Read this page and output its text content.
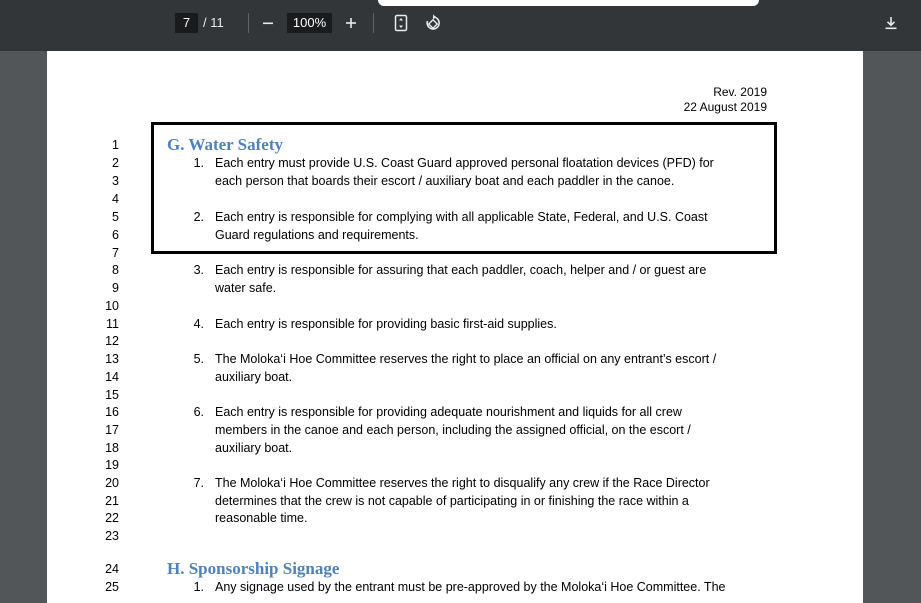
7 / 11	100%
Rev. 2019
22 August 2019
1
2
3
4
5
6
7
8
9
10
11
12
13
14
15
16
17
18
19
20
21
22
23
24
25
G. Water Safety
1. Each entry must provide U.S. Coast Guard approved personal floatation devices (PFD) for
each person that boards their escort / auxiliary boat and each paddler in the canoe.
2. Each entry is responsible for complying with all applicable State, Federal, and U.S. Coast
Guard regulations and requirements.
3. Each entry is responsible for assuring that each paddler, coach, helper and / or guest are
water safe.
4. Each entry is responsible for providing basic first-aid supplies.
5. The Moloka‘i Hoe Committee reserves the right to place an official on any entrant’s escort /
auxiliary boat.
6. Each entry is responsible for providing adequate nourishment and liquids for all crew
members in the canoe and each person, including the assigned official, on the escort /
auxiliary boat.
7. The Moloka‘i Hoe Committee reserves the right to disqualify any crew if the Race Director
determines that the crew is not capable of participating in or finishing the race within a
reasonable time.
H. Sponsorship Signage
1. Any signage used by the entrant must be pre-approved by the Moloka‘i Hoe Committee. The
